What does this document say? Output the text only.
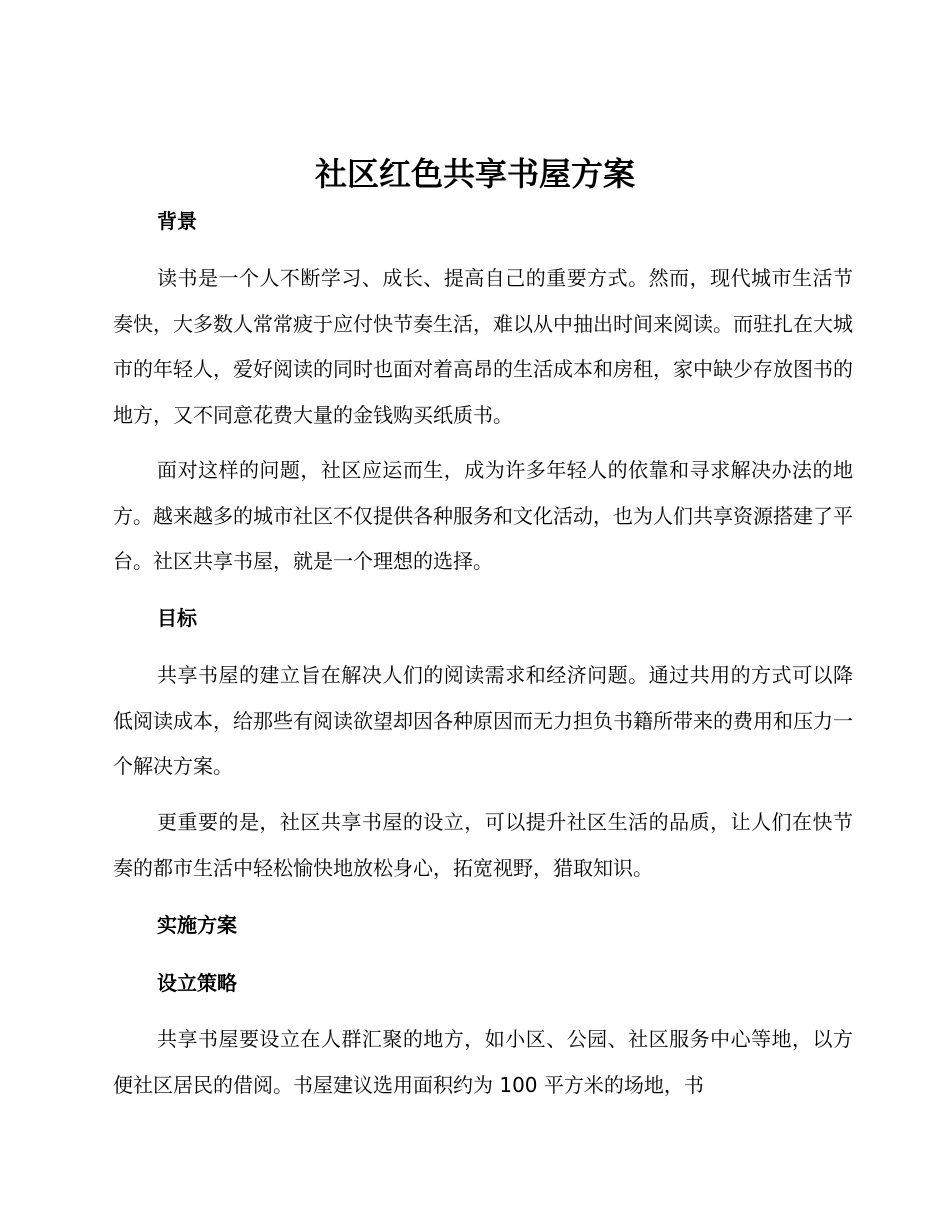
社区红色共享书屋方案
背景

读书是一个人不断学习、成长、提高自己的重要方式。然而，现代城市生活节奏快，大多数人常常疲于应付快节奏生活，难以从中抽出时间来阅读。而驻扎在大城市的年轻人，爱好阅读的同时也面对着高昂的生活成本和房租，家中缺少存放图书的地方，又不同意花费大量的金钱购买纸质书。

面对这样的问题，社区应运而生，成为许多年轻人的依靠和寻求解决办法的地方。越来越多的城市社区不仅提供各种服务和文化活动，也为人们共享资源搭建了平台。社区共享书屋，就是一个理想的选择。

目标

共享书屋的建立旨在解决人们的阅读需求和经济问题。通过共用的方式可以降低阅读成本，给那些有阅读欲望却因各种原因而无力担负书籍所带来的费用和压力一个解决方案。

更重要的是，社区共享书屋的设立，可以提升社区生活的品质，让人们在快节奏的都市生活中轻松愉快地放松身心，拓宽视野，猎取知识。

实施方案
设立策略

共享书屋要设立在人群汇聚的地方，如小区、公园、社区服务中心等地，以方便社区居民的借阅。书屋建议选用面积约为 100 平方米的场地，书
